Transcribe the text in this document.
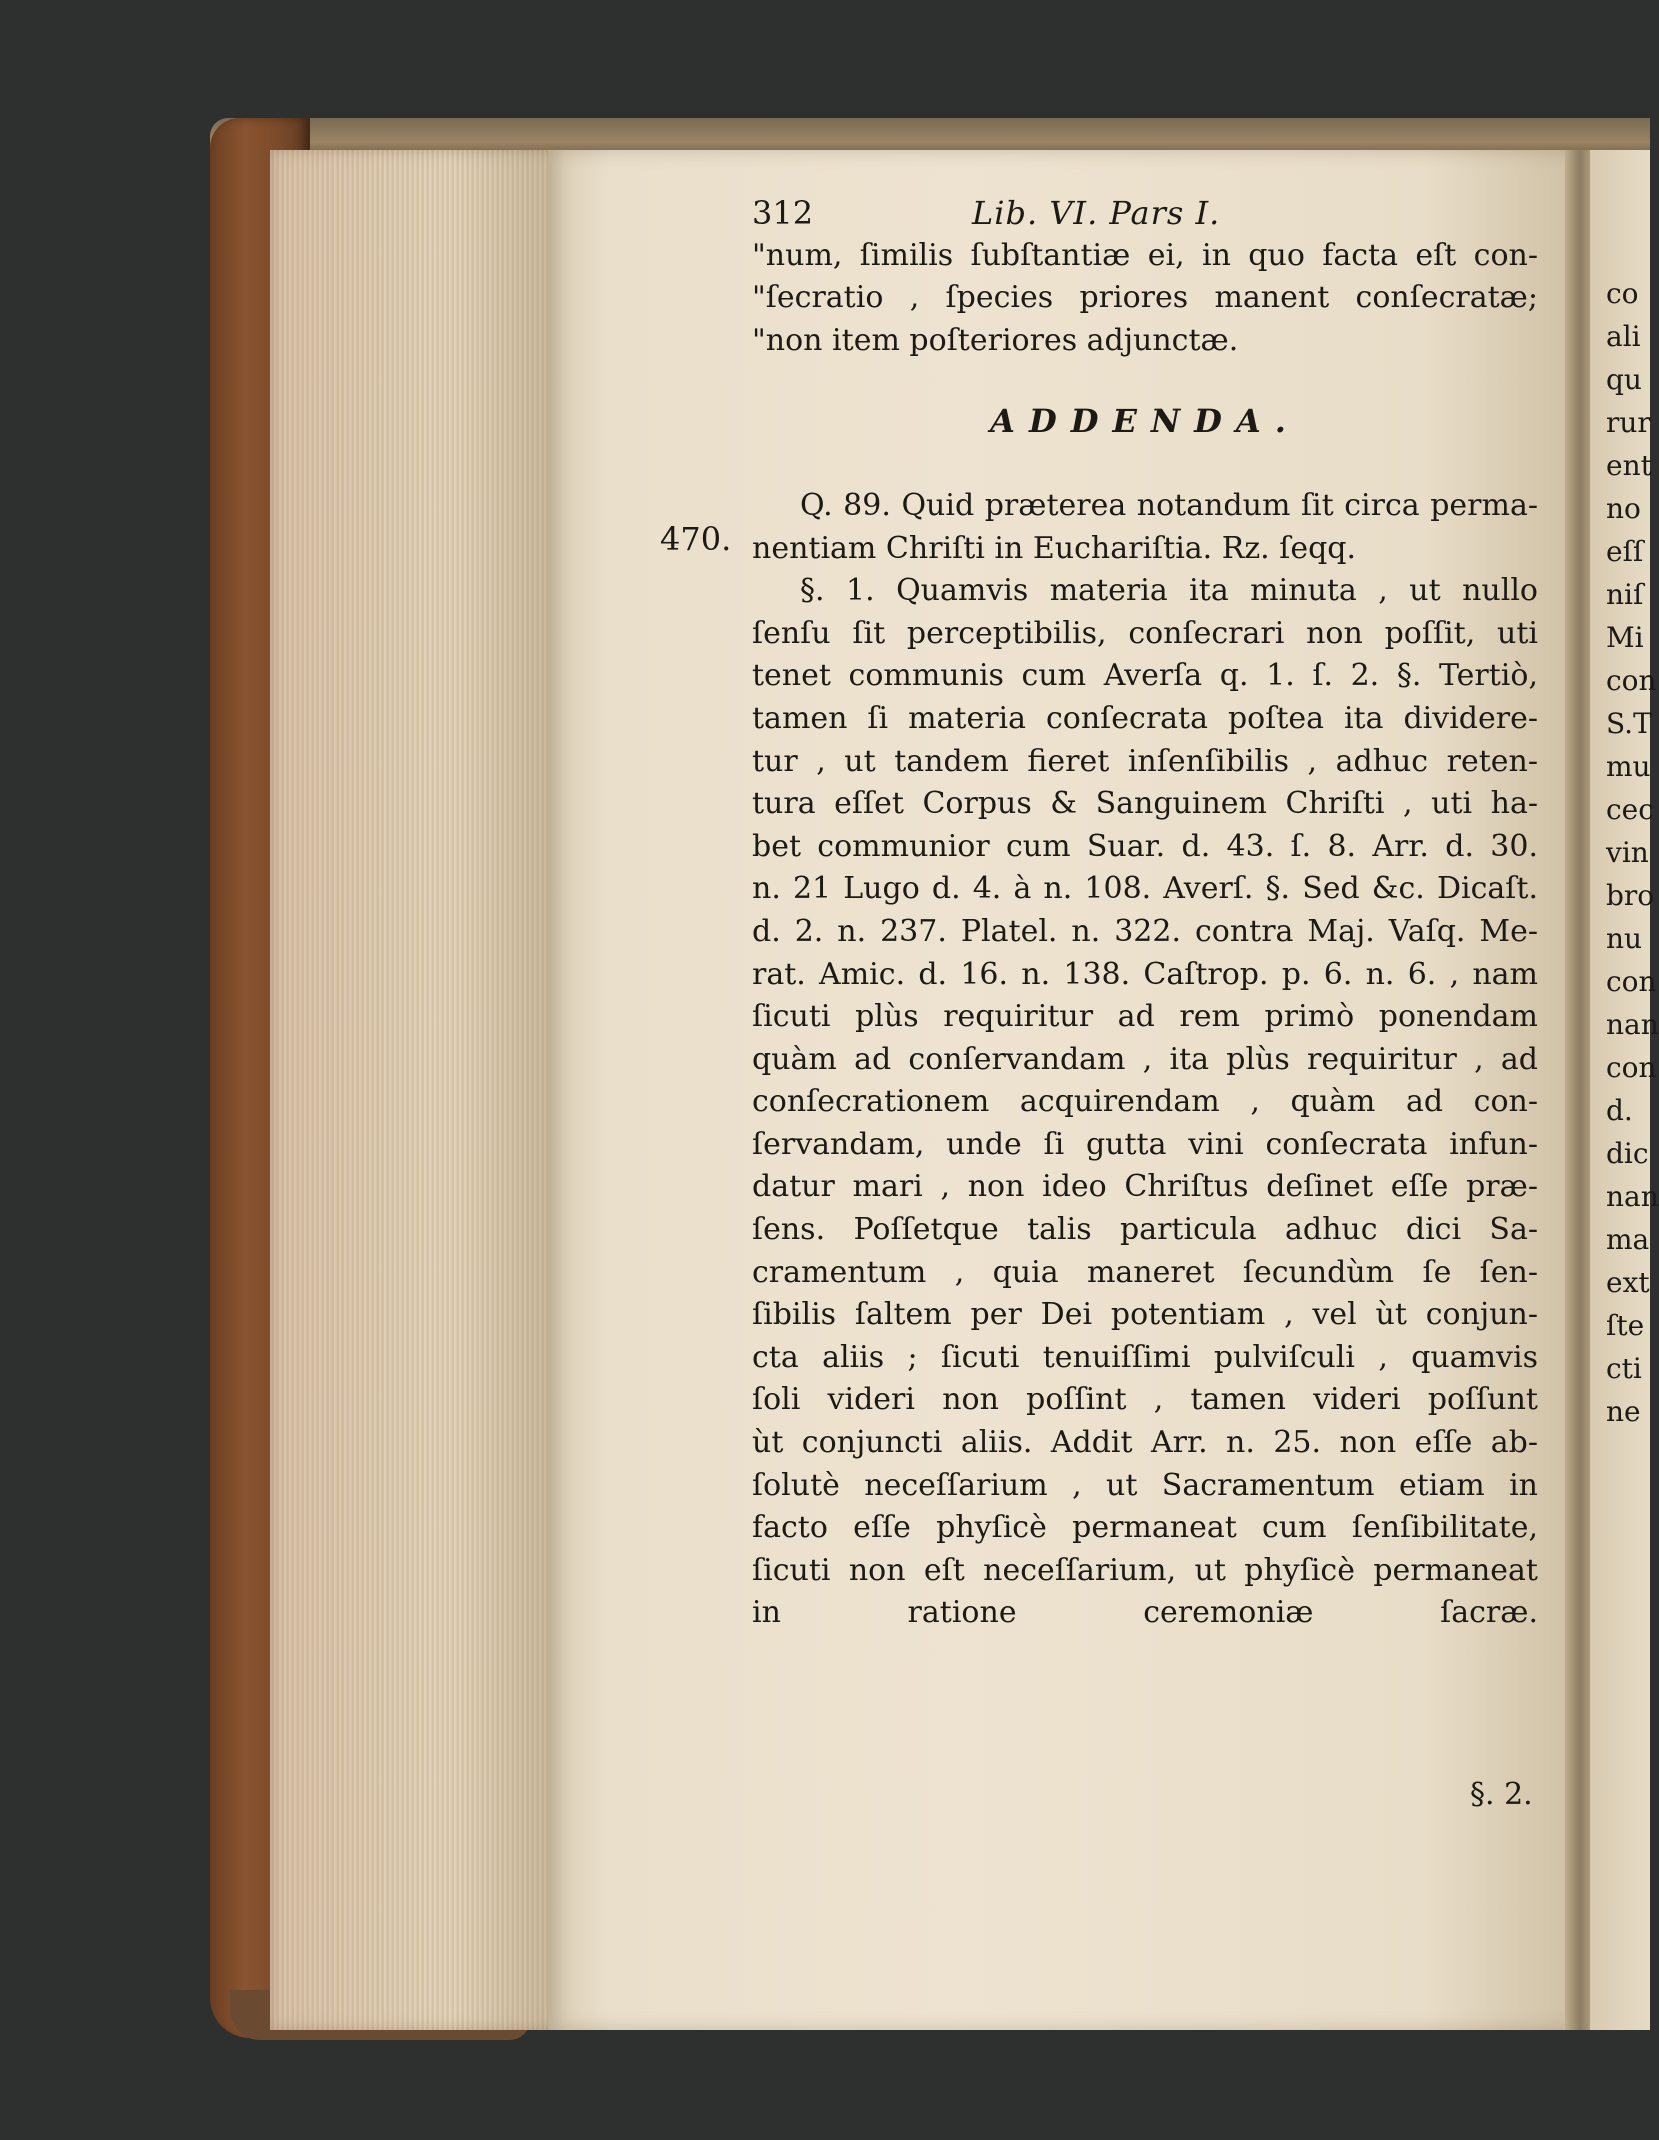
470.
312	Lib. VI. Pars I.
"num, ſimilis ſubſtantiæ ei, in quo facta eſt con-
"ſecratio , ſpecies priores manent conſecratæ;
"non item poſteriores adjunctæ.
ADDENDA.
Q. 89. Quid præterea notandum ſit circa perma-
nentiam Chriſti in Euchariſtia. Rz. ſeqq.
§. 1. Quamvis materia ita minuta , ut nullo
ſenſu ſit perceptibilis, conſecrari non poſſit, uti
tenet communis cum Averſa q. 1. ſ. 2. §. Tertiò,
tamen ſi materia conſecrata poſtea ita dividere-
tur , ut tandem fieret inſenſibilis , adhuc reten-
tura eſſet Corpus & Sanguinem Chriſti , uti ha-
bet communior cum Suar. d. 43. ſ. 8. Arr. d. 30.
n. 21 Lugo d. 4. à n. 108. Averſ. §. Sed &c. Dicaſt.
d. 2. n. 237. Platel. n. 322. contra Maj. Vaſq. Me-
rat. Amic. d. 16. n. 138. Caſtrop. p. 6. n. 6. , nam
ſicuti plùs requiritur ad rem primò ponendam
quàm ad conſervandam , ita plùs requiritur , ad
conſecrationem acquirendam , quàm ad con-
ſervandam, unde ſi gutta vini conſecrata infun-
datur mari , non ideo Chriſtus deſinet eſſe præ-
ſens. Poſſetque talis particula adhuc dici Sa-
cramentum , quia maneret ſecundùm ſe ſen-
ſibilis ſaltem per Dei potentiam , vel ùt conjun-
cta aliis ; ſicuti tenuiſſimi pulviſculi , quamvis
ſoli videri non poſſint , tamen videri poſſunt
ùt conjuncti aliis. Addit Arr. n. 25. non eſſe ab-
ſolutè neceſſarium , ut Sacramentum etiam in
facto eſſe phyſicè permaneat cum ſenſibilitate,
ſicuti non eſt neceſſarium, ut phyſicè permaneat
in ratione ceremoniæ ſacræ.
§. 2.
co
ali
qu
rur
ent
no
eſſ
niſ
Mi
con
S.T
mu
cec
vin
bro
nu
con
nan
con
d.
dic
nan
ma
ext
ſte
cti
ne
